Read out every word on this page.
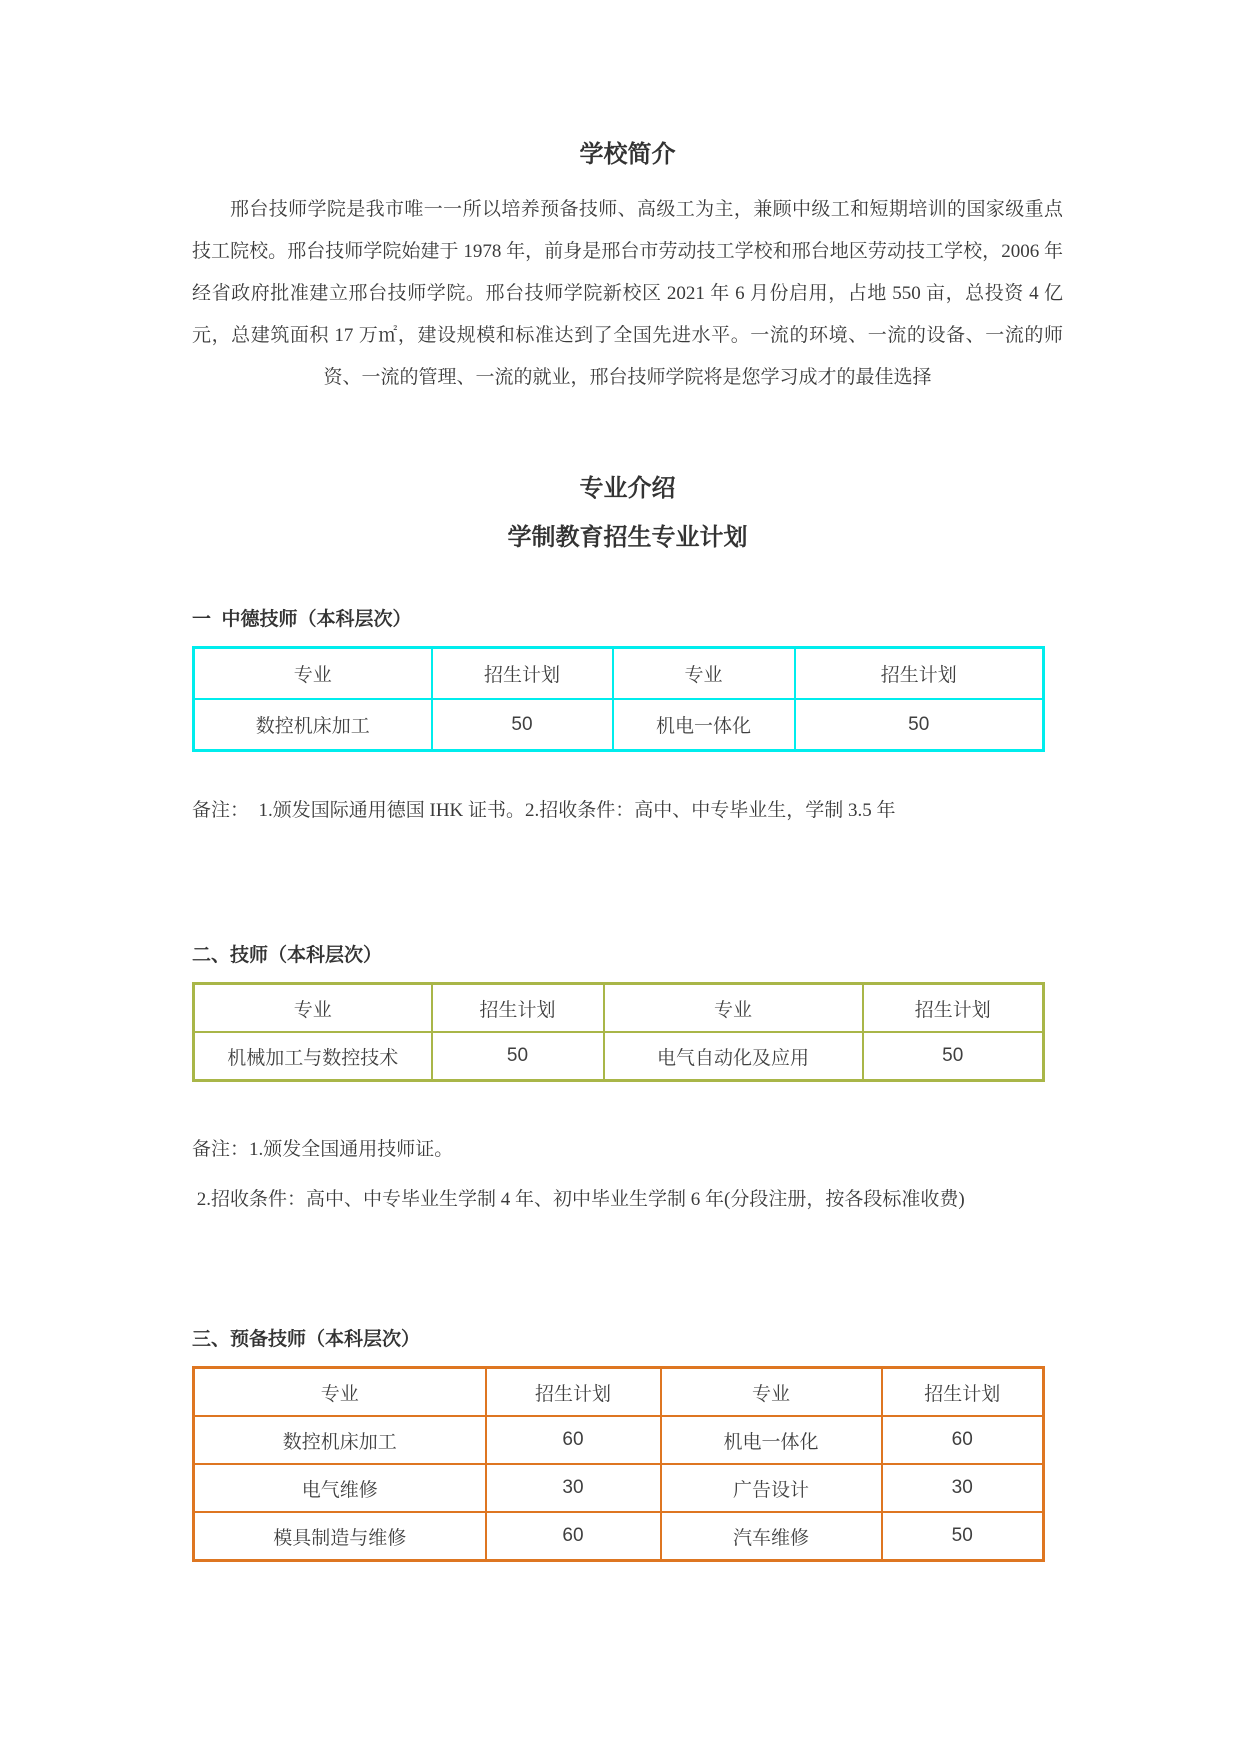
学校简介

邢台技师学院是我市唯一一所以培养预备技师、高级工为主，兼顾中级工和短期培训的国家级重点技工院校。邢台技师学院始建于 1978 年，前身是邢台市劳动技工学校和邢台地区劳动技工学校，2006 年经省政府批准建立邢台技师学院。邢台技师学院新校区 2021 年 6 月份启用，占地 550 亩，总投资 4 亿元，总建筑面积 17 万㎡，建设规模和标准达到了全国先进水平。一流的环境、一流的设备、一流的师资、一流的管理、一流的就业，邢台技师学院将是您学习成才的最佳选择

专业介绍
学制教育招生专业计划
一  中德技师（本科层次）
专业	招生计划	专业	招生计划
数控机床加工	50	机电一体化	50

备注：  1.颁发国际通用德国 IHK 证书。2.招收条件：高中、中专毕业生，学制 3.5 年

二、技师（本科层次）
专业	招生计划	专业	招生计划
机械加工与数控技术	50	电气自动化及应用	50

备注：1.颁发全国通用技师证。

2.招收条件：高中、中专毕业生学制 4 年、初中毕业生学制 6 年(分段注册，按各段标准收费)

三、预备技师（本科层次）
专业	招生计划	专业	招生计划
数控机床加工	60	机电一体化	60
电气维修	30	广告设计	30
模具制造与维修	60	汽车维修	50
